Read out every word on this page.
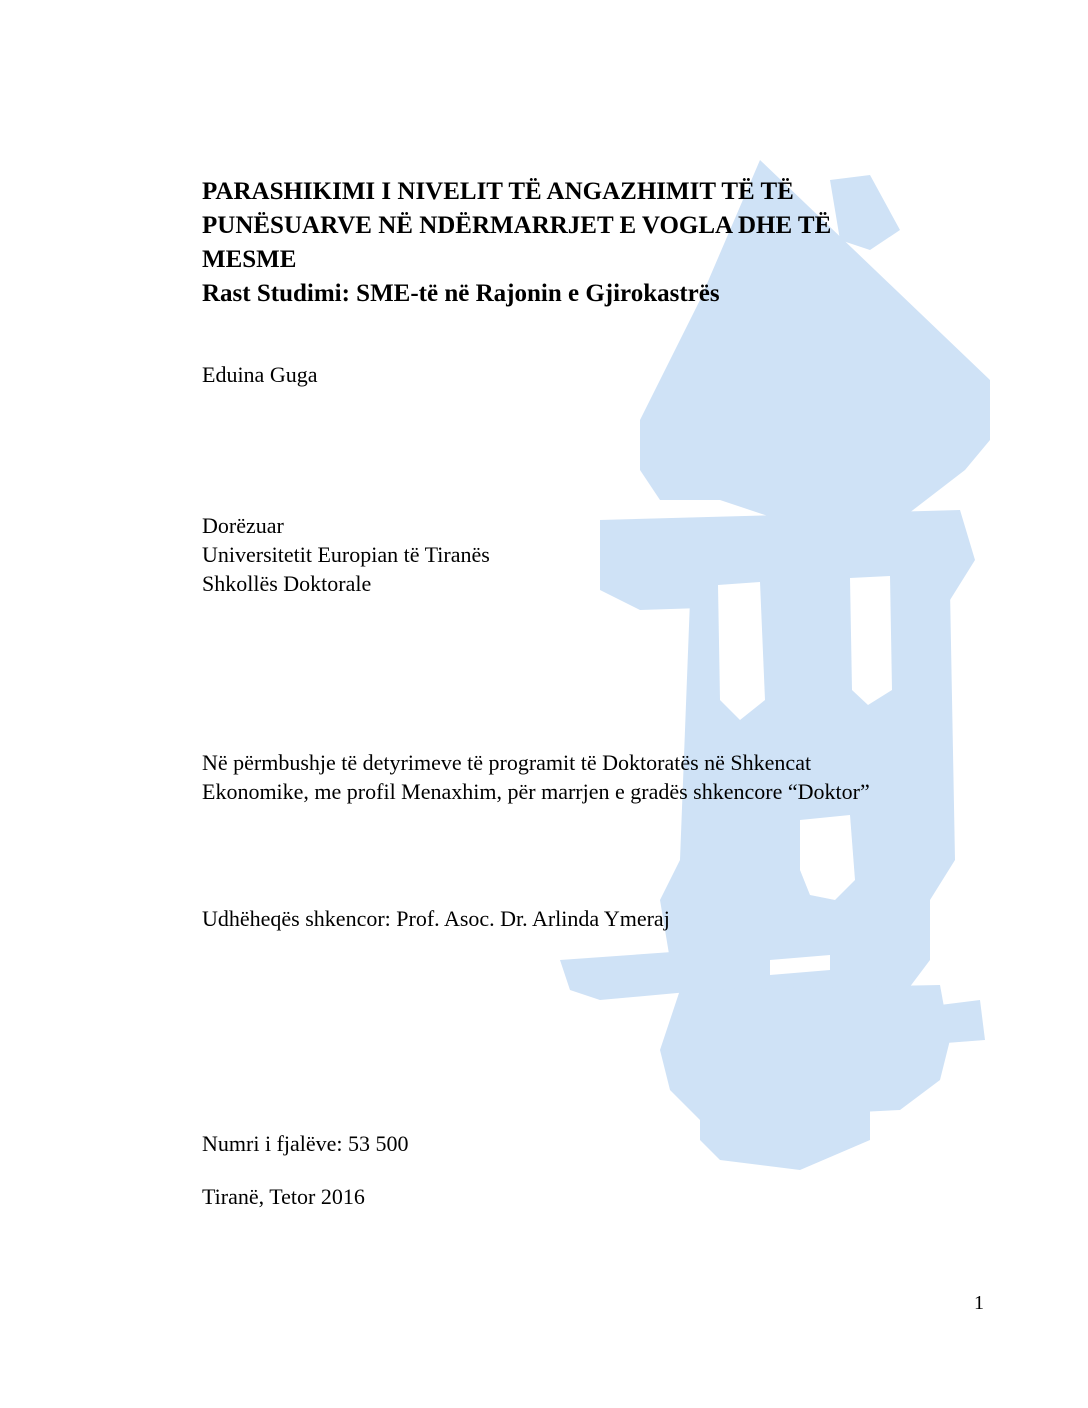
PARASHIKIMI I NIVELIT TË ANGAZHIMIT TË TË
PUNËSUARVE NË NDËRMARRJET E VOGLA DHE TË
MESME
Rast Studimi: SME-të në Rajonin e Gjirokastrës
Eduina Guga
Dorëzuar
Universitetit Europian të Tiranës
Shkollës Doktorale
Në përmbushje të detyrimeve të programit të Doktoratës në Shkencat
Ekonomike, me profil Menaxhim, për marrjen e gradës shkencore “Doktor”
Udhëheqës shkencor: Prof. Asoc. Dr. Arlinda Ymeraj
Numri i fjalëve: 53 500
Tiranë, Tetor 2016
1
